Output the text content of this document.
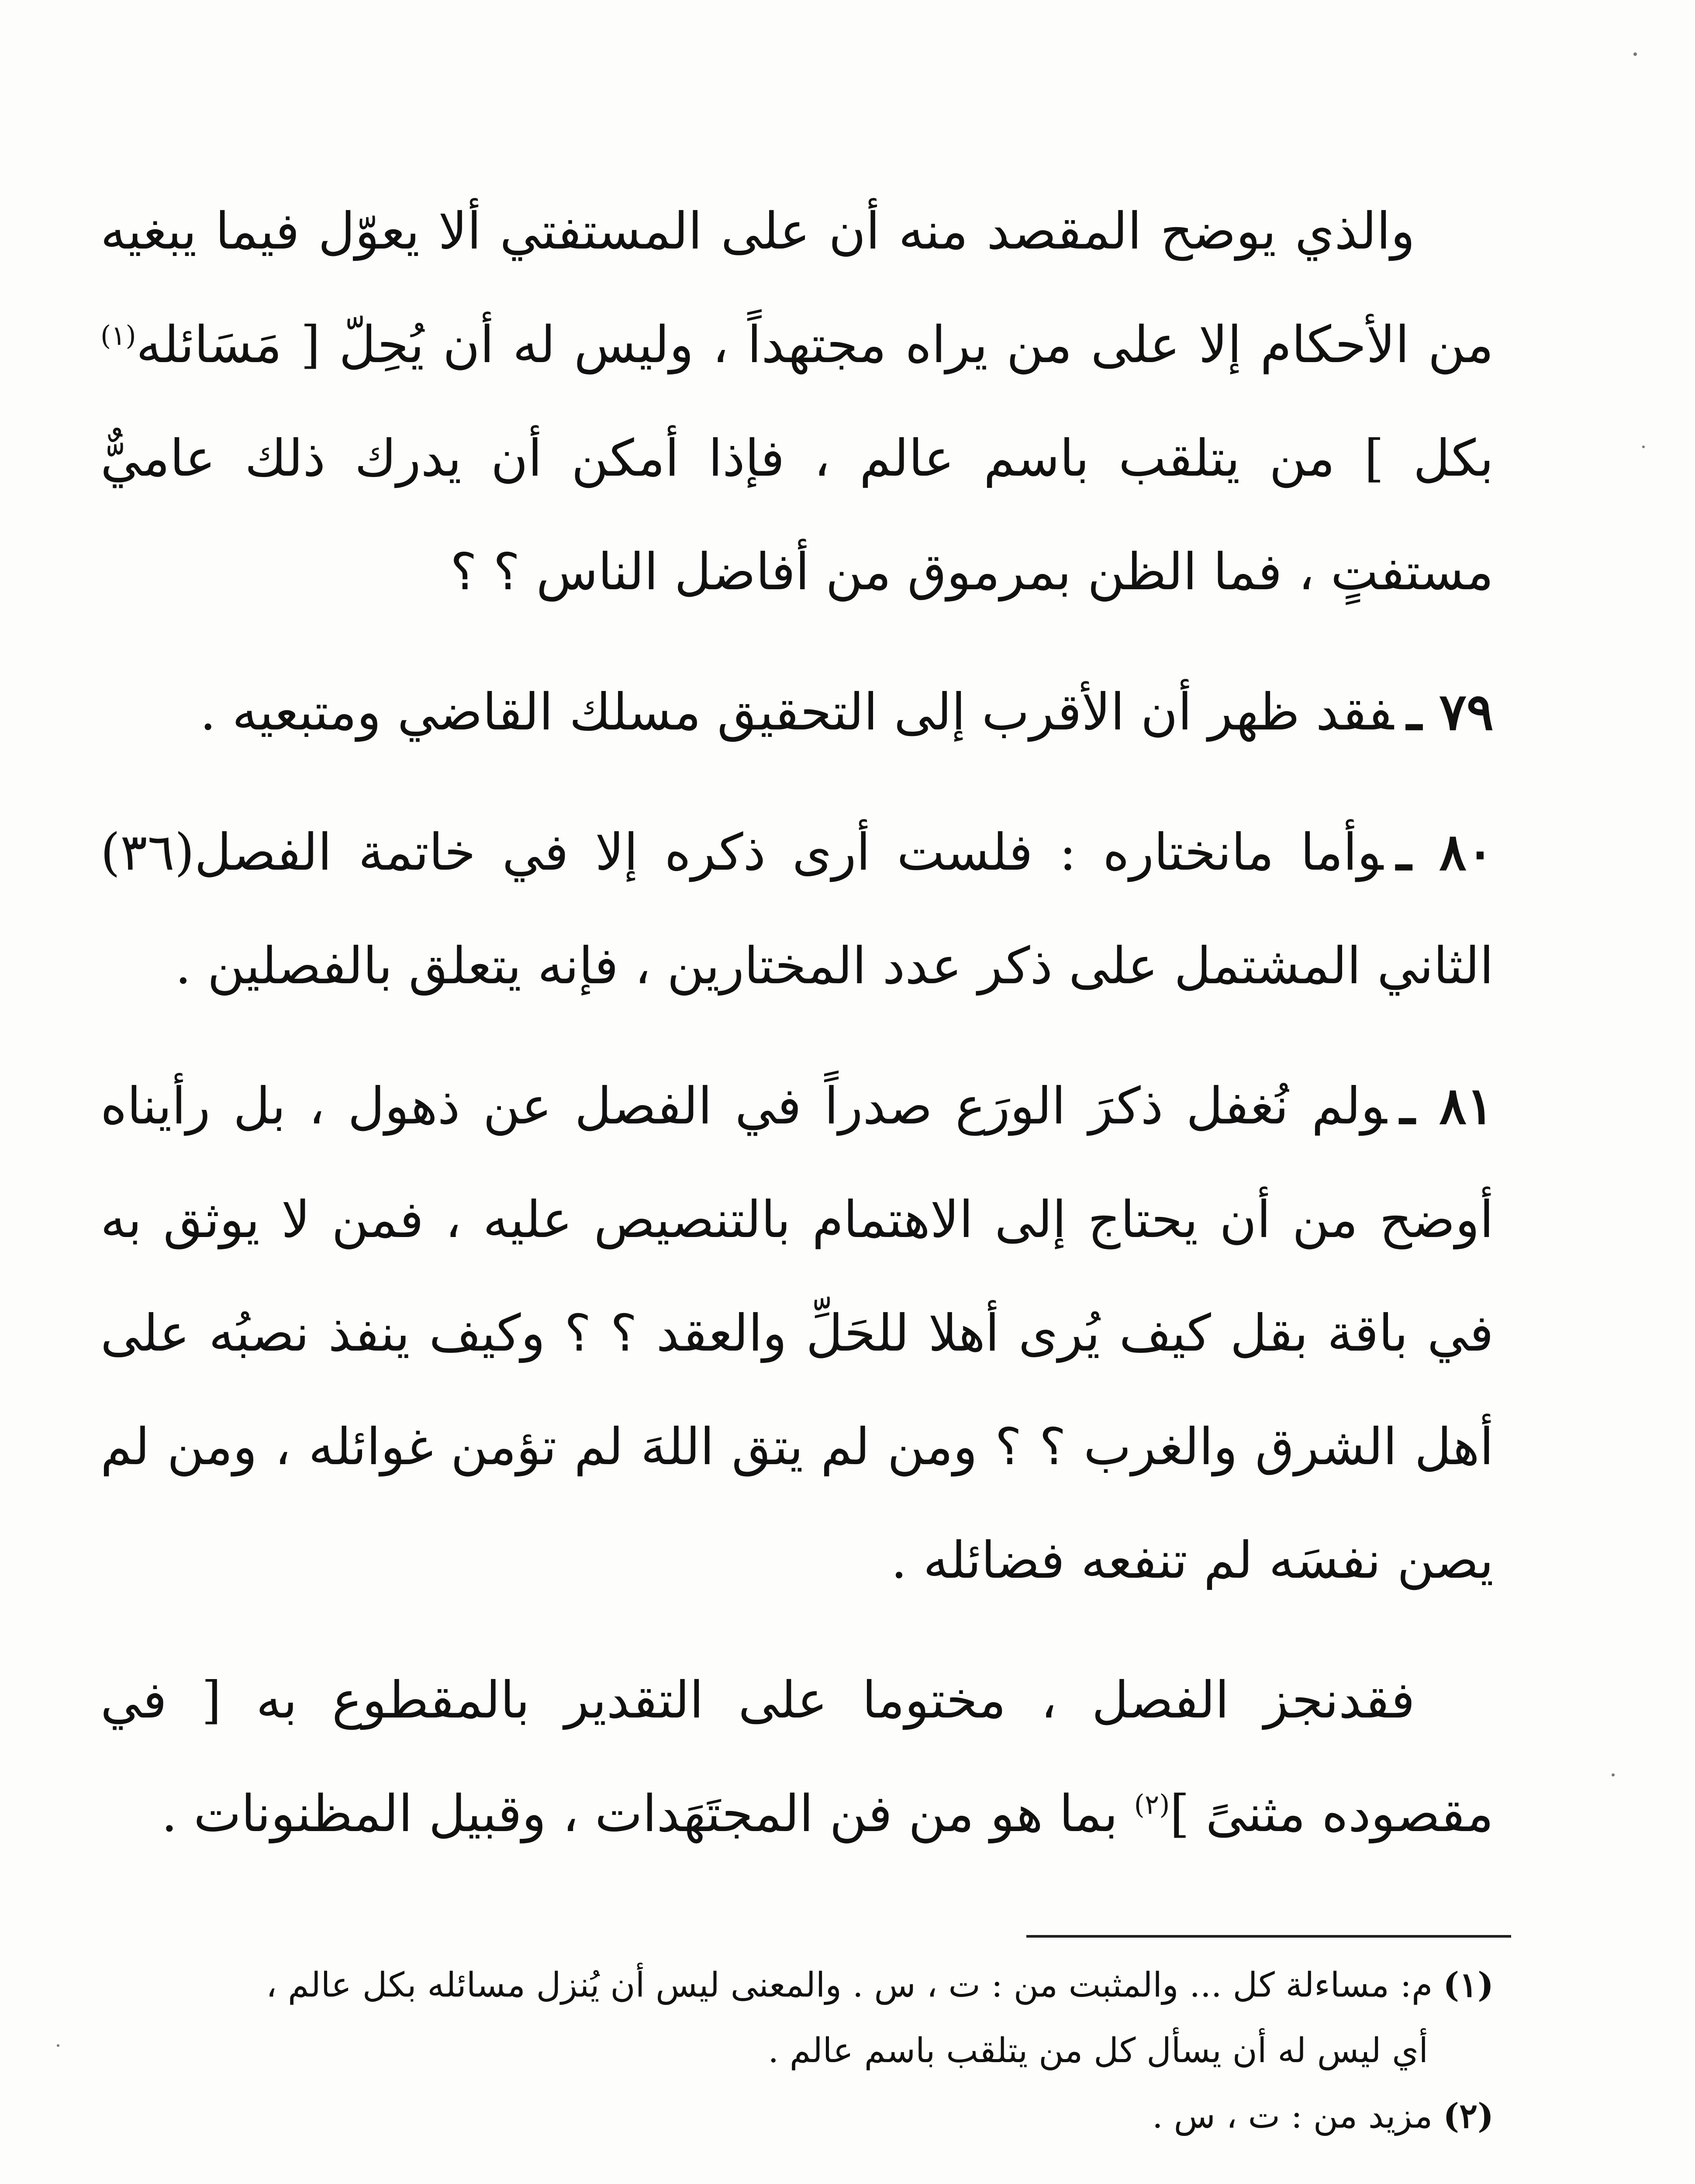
والذي يوضح المقصد منه أن على المستفتي ألا يعوّل فيما يبغيه من الأحكام إلا على من يراه مجتهداً ، وليس له أن يُحِلّ [ مَسَائله$^{(١)}$ بكل ] من يتلقب باسم عالم ، فإذا أمكن أن يدرك ذلك عاميٌّ مستفتٍ ، فما الظن بمرموق من أفاضل الناس ؟ ؟

٧٩ ـفقد ظهر أن الأقرب إلى التحقيق مسلك القاضي ومتبعيه .

٨٠ ـوأما مانختاره : فلست أرى ذكره إلا في خاتمة الفصل(٣٦) الثاني المشتمل على ذكر عدد المختارين ، فإنه يتعلق بالفصلين .

٨١ ـولم نُغفل ذكرَ الورَع صدراً في الفصل عن ذهول ، بل رأيناه أوضح من أن يحتاج إلى الاهتمام بالتنصيص عليه ، فمن لا يوثق به في باقة بقل كيف يُرى أهلا للحَلِّ والعقد ؟ ؟ وكيف ينفذ نصبُه على أهل الشرق والغرب ؟ ؟ ومن لم يتق اللهَ لم تؤمن غوائله ، ومن لم يصن نفسَه لم تنفعه فضائله .

فقدنجز الفصل ، مختوما على التقدير بالمقطوع به [ في مقصوده مثنىً ]$^{(٢)}$ بما هو من فن المجتَهَدات ، وقبيل المظنونات .

(١)م: مساءلة كل ... والمثبت من : ت ، س . والمعنى ليس أن يُنزل مسائله بكل عالم ،
أي ليس له أن يسأل كل من يتلقب باسم عالم .
(٢)مزيد من : ت ، س .
